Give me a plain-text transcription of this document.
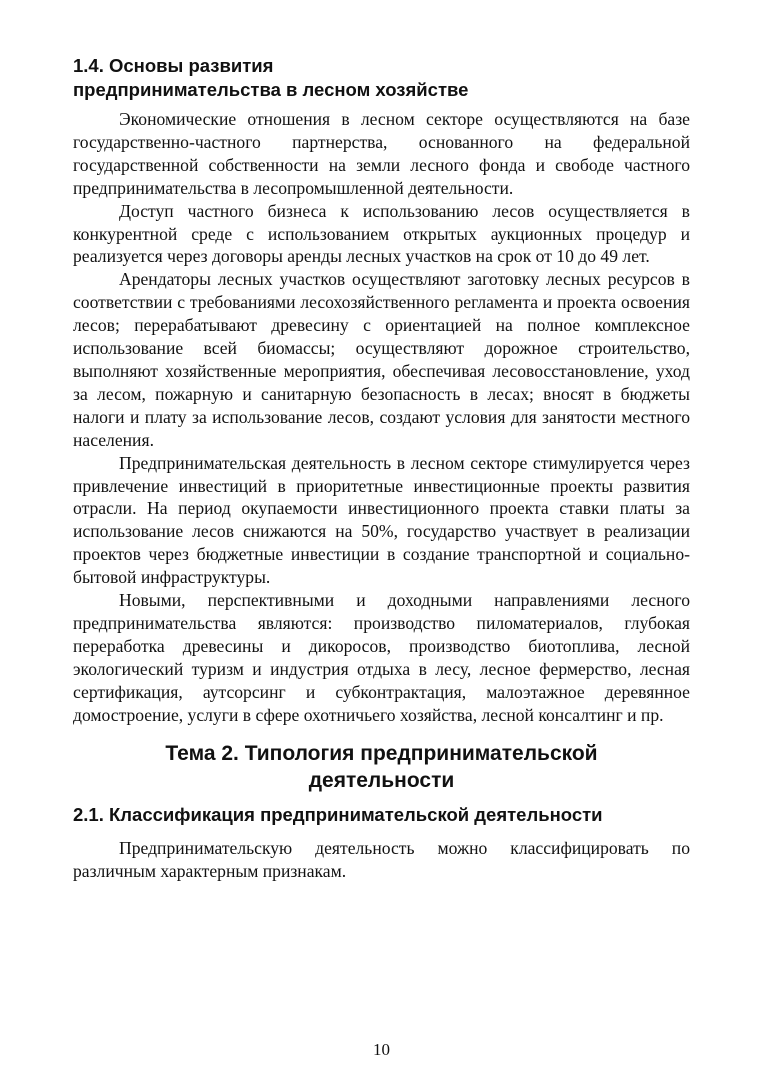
1.4. Основы развития
предпринимательства в лесном хозяйстве

Экономические отношения в лесном секторе осуществляются на базе государственно-частного партнерства, основанного на федеральной государственной собственности на земли лесного фонда и свободе частного предпринимательства в лесопромышленной деятельности.

Доступ частного бизнеса к использованию лесов осуществляется в конкурентной среде с использованием открытых аукционных процедур и реализуется через договоры аренды лесных участков на срок от 10 до 49 лет.

Арендаторы лесных участков осуществляют заготовку лесных ресурсов в соответствии с требованиями лесохозяйственного регламента и проекта освоения лесов; перерабатывают древесину с ориентацией на полное комплексное использование всей биомассы; осуществляют дорожное строительство, выполняют хозяйственные мероприятия, обеспечивая лесовосстановление, уход за лесом, пожарную и санитарную безопасность в лесах; вносят в бюджеты налоги и плату за использование лесов, создают условия для занятости местного населения.

Предпринимательская деятельность в лесном секторе стимулируется через привлечение инвестиций в приоритетные инвестиционные проекты развития отрасли. На период окупаемости инвестиционного проекта ставки платы за использование лесов снижаются на 50%, государство участвует в реализации проектов через бюджетные инвестиции в создание транспортной и социально-бытовой инфраструктуры.

Новыми, перспективными и доходными направлениями лесного предпринимательства являются: производство пиломатериалов, глубокая переработка древесины и дикоросов, производство биотоплива, лесной экологический туризм и индустрия отдыха в лесу, лесное фермерство, лесная сертификация, аутсорсинг и субконтрактация, малоэтажное деревянное домостроение, услуги в сфере охотничьего хозяйства, лесной консалтинг и пр.

Тема 2. Типология предпринимательской
деятельности
2.1. Классификация предпринимательской деятельности

Предпринимательскую деятельность можно классифицировать по различным характерным признакам.

10
